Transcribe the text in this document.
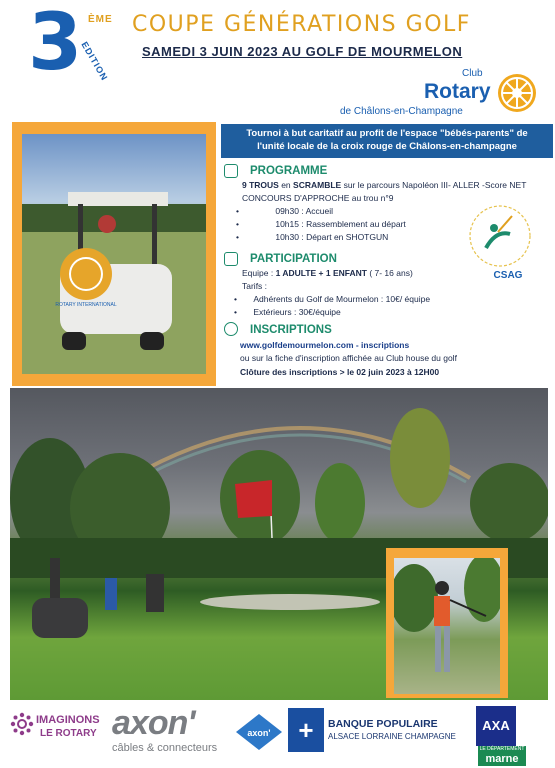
3 ÈME
EDITION
COUPE GÉNÉRATIONS GOLF
SAMEDI 3 JUIN 2023 AU GOLF DE MOURMELON
Club
Rotary
de Châlons-en-Champagne
ROTARY INTERNATIONAL
Tournoi à but caritatif au profit de l'espace "bébés-parents" de
l'unité locale de la croix rouge de Châlons-en-champagne
PROGRAMME
9 TROUS en SCRAMBLE sur le parcours Napoléon III- ALLER -Score NET
CONCOURS D'APPROCHE au trou n°9
•	09h30 : Accueil
•	10h15 : Rassemblement au départ
•	10h30 : Départ en SHOTGUN
CSAG
PARTICIPATION
Equipe : 1 ADULTE + 1 ENFANT ( 7- 16 ans)
Tarifs :
• Adhérents du Golf de Mourmelon : 10€/ équipe
• Extérieurs : 30€/équipe
INSCRIPTIONS
www.golfdemourmelon.com - inscriptions
ou sur la fiche d'inscription affichée au Club house du golf
Clôture des inscriptions > le 02 juin 2023 à 12H00
IMAGINONS
LE ROTARY axon'
câbles & connecteurs
axon'	+	BANQUE POPULAIRE
ALSACE LORRAINE CHAMPAGNE
AXA
LE DÉPARTEMENT
marne
